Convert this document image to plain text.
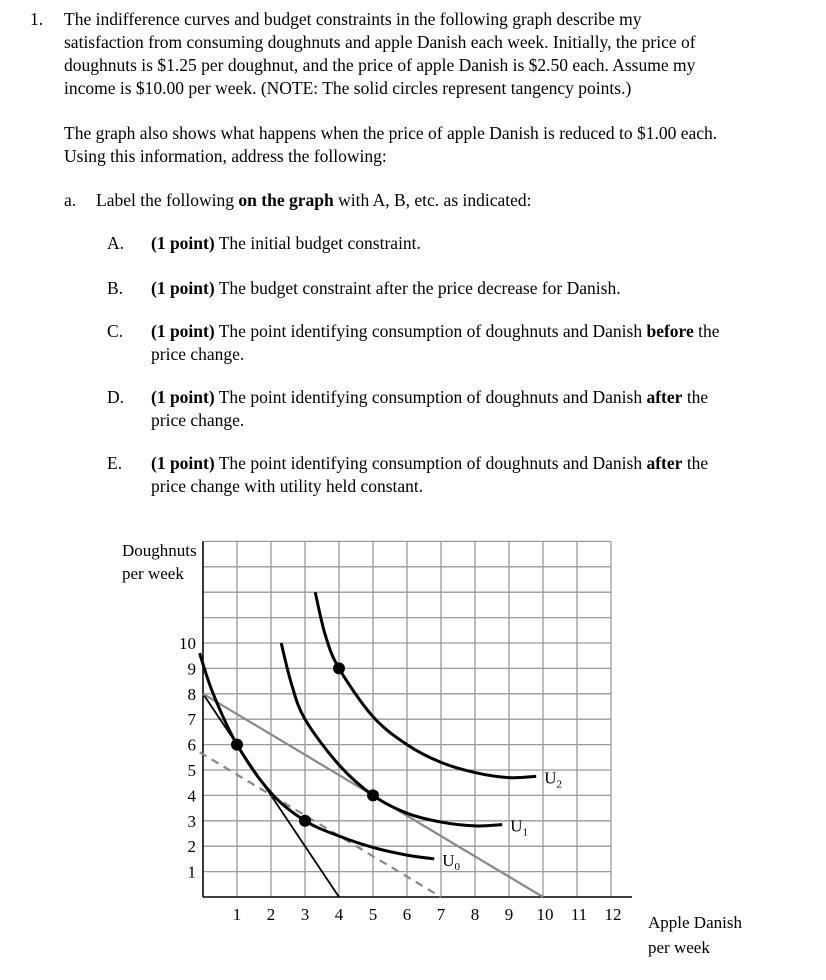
1. The indifference curves and budget constraints in the following graph describe my
satisfaction from consuming doughnuts and apple Danish each week. Initially, the price of
doughnuts is $1.25 per doughnut, and the price of apple Danish is $2.50 each. Assume my
income is $10.00 per week. (NOTE: The solid circles represent tangency points.)
The graph also shows what happens when the price of apple Danish is reduced to $1.00 each.
Using this information, address the following:
a. Label the following on the graph with A, B, etc. as indicated:
A. (1 point) The initial budget constraint.
B. (1 point) The budget constraint after the price decrease for Danish.
C. (1 point) The point identifying consumption of doughnuts and Danish before the
price change.
D. (1 point) The point identifying consumption of doughnuts and Danish after the
price change.
E. (1 point) The point identifying consumption of doughnuts and Danish after the
price change with utility held constant.
Doughnuts
per week
Apple Danish
per week
1 2 3 4 5 6 7 8 9 10 11 12
1
2
3
4
5
6
7
8
9
10
$U_0$
$U_1$
$U_2$
